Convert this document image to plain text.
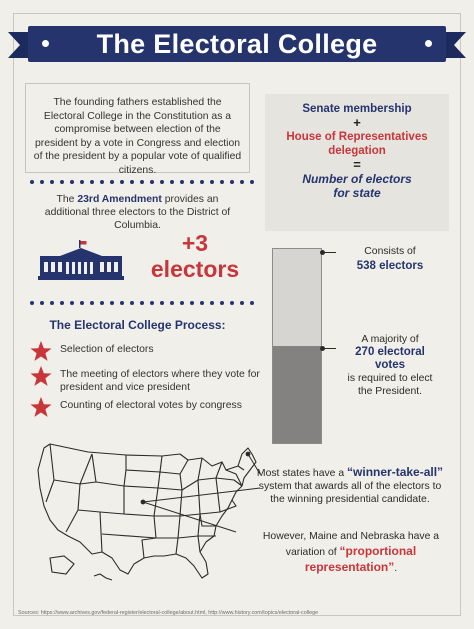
The Electoral College

The founding fathers established the Electoral College in the Constitution as a compromise between election of the president by a vote in Congress and election of the president by a popular vote of qualified citizens.

The 23rd Amendment provides an additional three electors to the District of Columbia.

+3
electors
The Electoral College Process:

Selection of electors

The meeting of electors where they vote for president and vice president

Counting of electoral votes by congress

Senate membership
+
House of Representatives delegation
=
Number of electors for state
Consists of
538 electors
A majority of
270 electoral votes
is required to elect the President.

Most states have a “winner-take-all” system that awards all of the electors to the winning presidential candidate.

However, Maine and Nebraska have a variation of “proportional representation”.

Sources: https://www.archives.gov/federal-register/electoral-college/about.html, http://www.history.com/topics/electoral-college
